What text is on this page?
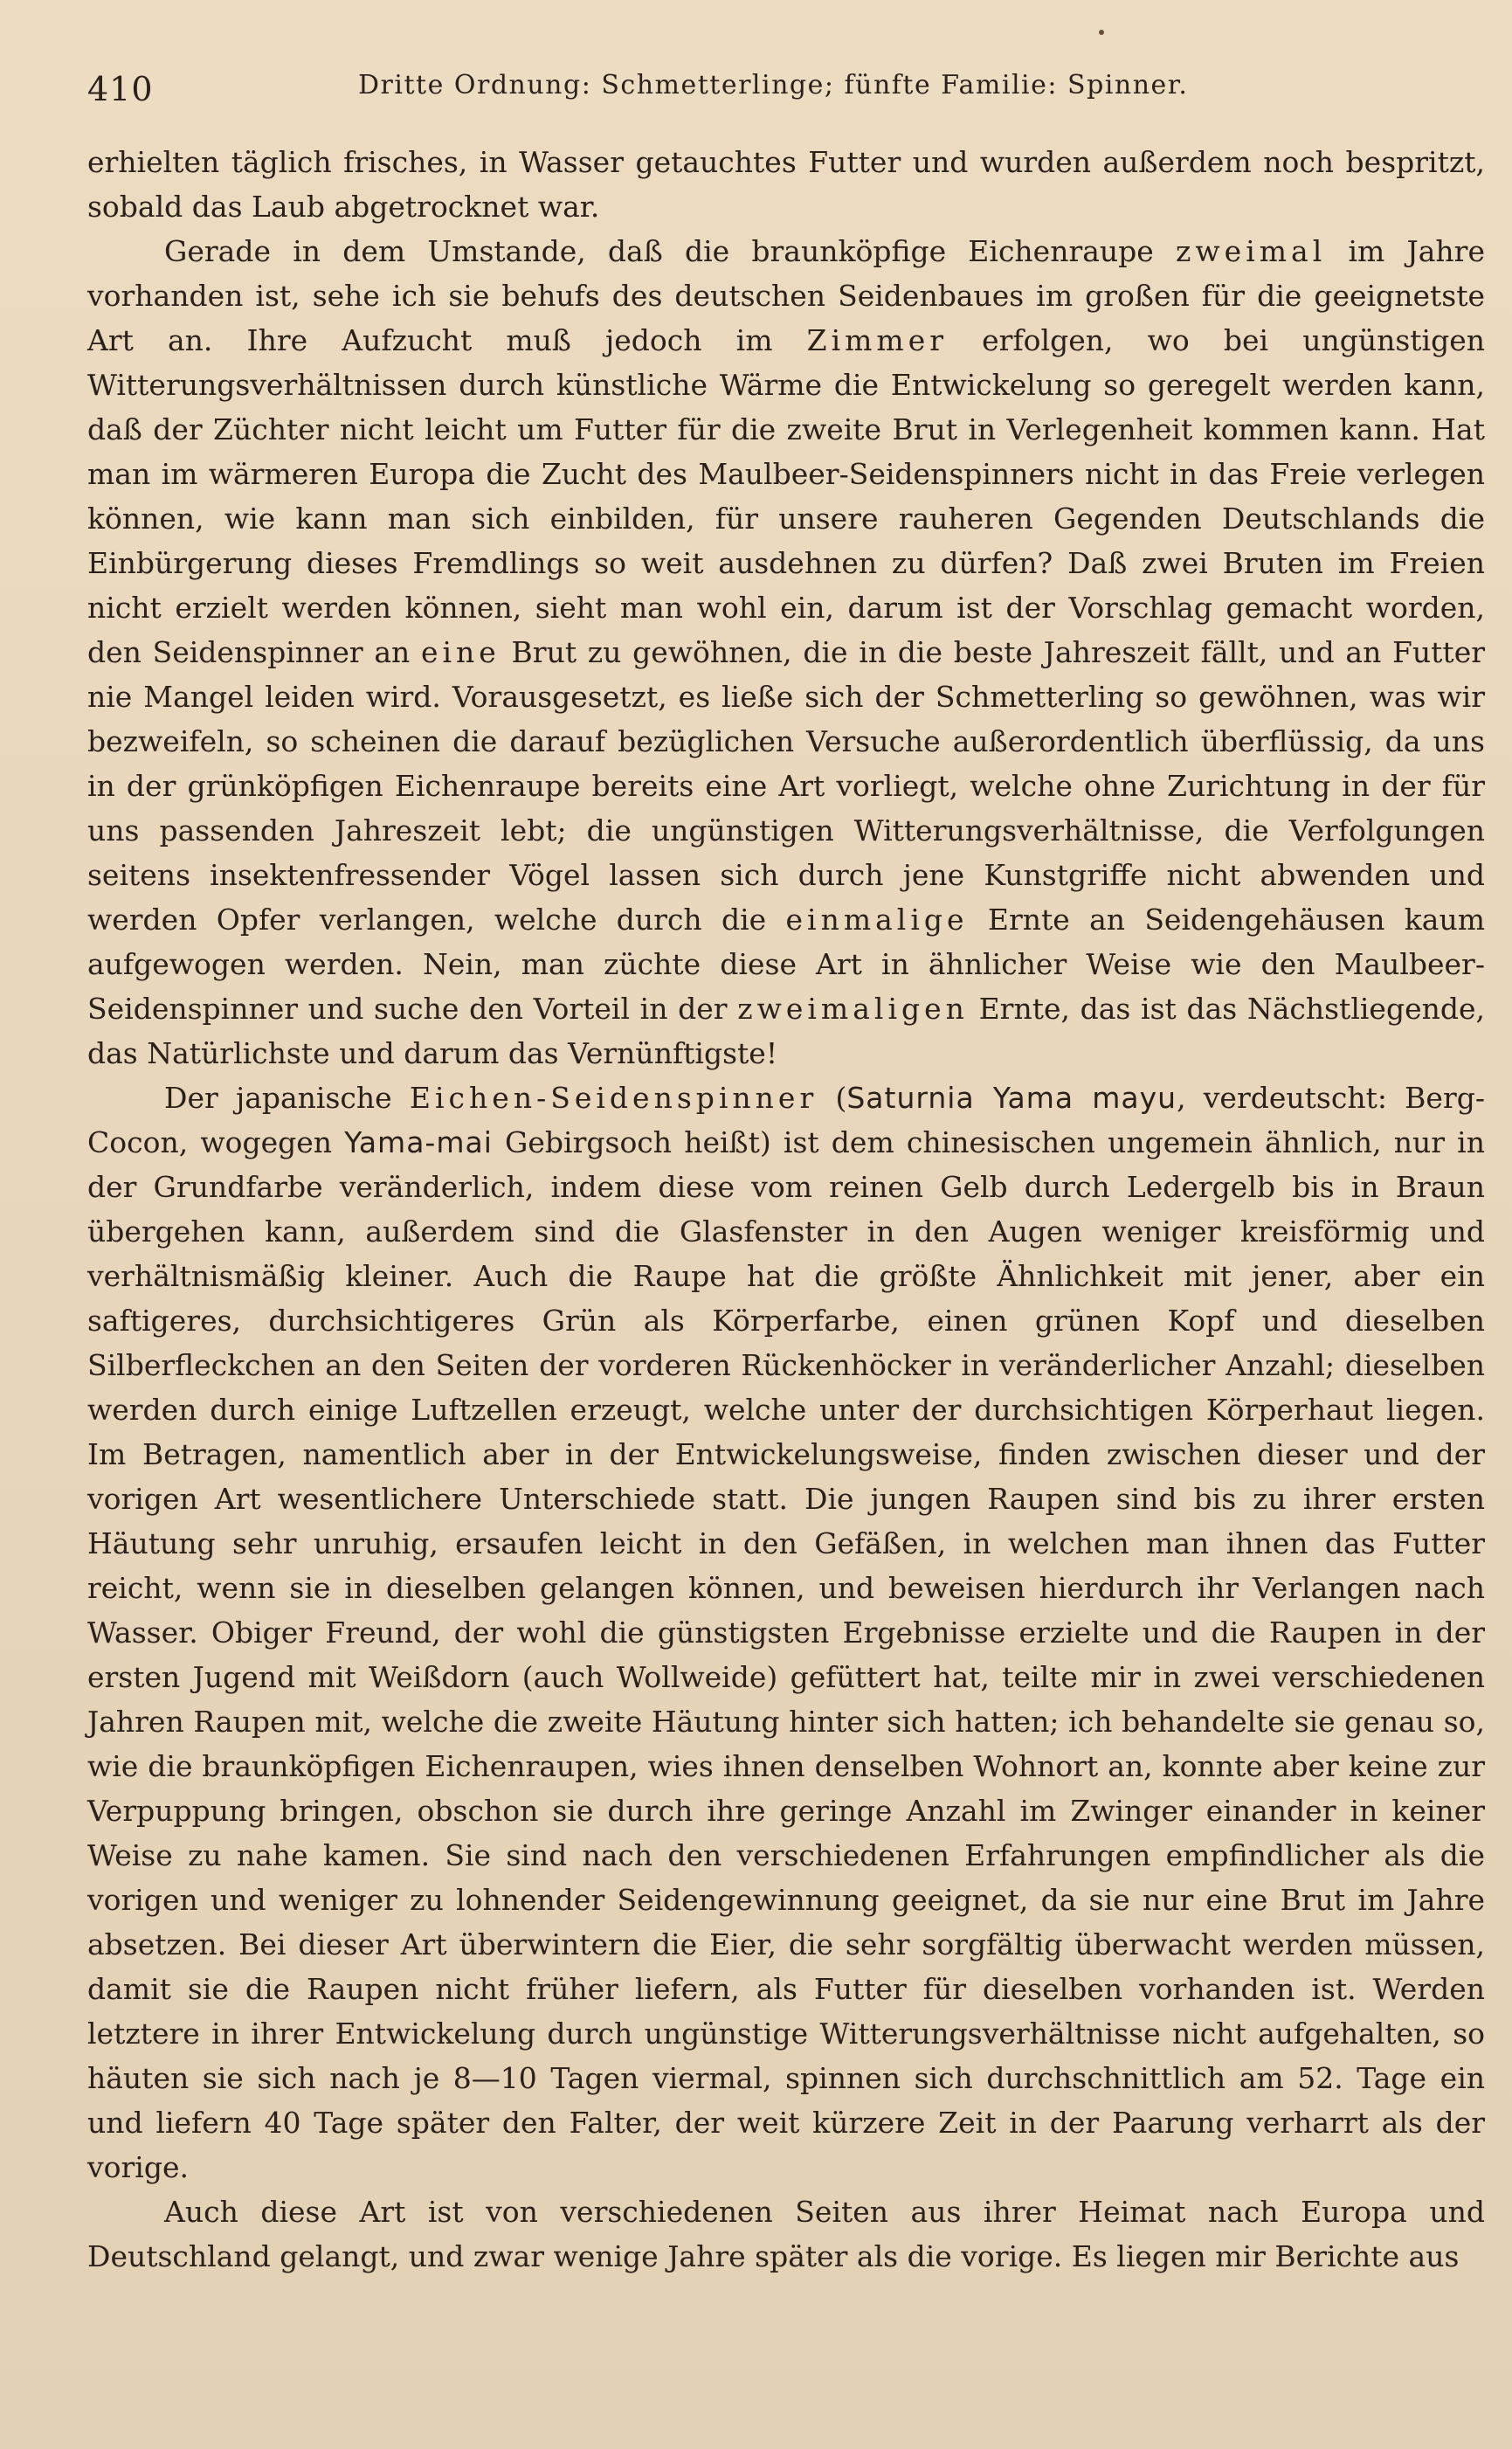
410	Dritte Ordnung: Schmetterlinge; fünfte Familie: Spinner.

erhielten täglich frisches, in Wasser getauchtes Futter und wurden außerdem noch bespritzt, sobald das Laub abgetrocknet war.

Gerade in dem Umstande, daß die braunköpfige Eichenraupe zweimal im Jahre vorhanden ist, sehe ich sie behufs des deutschen Seidenbaues im großen für die geeignetste Art an. Ihre Aufzucht muß jedoch im Zimmer erfolgen, wo bei ungünstigen Witterungsverhältnissen durch künstliche Wärme die Entwickelung so geregelt werden kann, daß der Züchter nicht leicht um Futter für die zweite Brut in Verlegenheit kommen kann. Hat man im wärmeren Europa die Zucht des Maulbeer-Seidenspinners nicht in das Freie verlegen können, wie kann man sich einbilden, für unsere rauheren Gegenden Deutschlands die Einbürgerung dieses Fremdlings so weit ausdehnen zu dürfen? Daß zwei Bruten im Freien nicht erzielt werden können, sieht man wohl ein, darum ist der Vorschlag gemacht worden, den Seidenspinner an eine Brut zu gewöhnen, die in die beste Jahreszeit fällt, und an Futter nie Mangel leiden wird. Vorausgesetzt, es ließe sich der Schmetterling so gewöhnen, was wir bezweifeln, so scheinen die darauf bezüglichen Versuche außerordentlich überflüssig, da uns in der grünköpfigen Eichenraupe bereits eine Art vorliegt, welche ohne Zurichtung in der für uns passenden Jahreszeit lebt; die ungünstigen Witterungsverhältnisse, die Verfolgungen seitens insektenfressender Vögel lassen sich durch jene Kunstgriffe nicht abwenden und werden Opfer verlangen, welche durch die einmalige Ernte an Seidengehäusen kaum aufgewogen werden. Nein, man züchte diese Art in ähnlicher Weise wie den Maulbeer-Seidenspinner und suche den Vorteil in der zweimaligen Ernte, das ist das Nächstliegende, das Natürlichste und darum das Vernünftigste!

Der japanische Eichen-Seidenspinner (Saturnia Yama mayu, verdeutscht: Berg-Cocon, wogegen Yama-mai Gebirgsoch heißt) ist dem chinesischen ungemein ähnlich, nur in der Grundfarbe veränderlich, indem diese vom reinen Gelb durch Ledergelb bis in Braun übergehen kann, außerdem sind die Glasfenster in den Augen weniger kreisförmig und verhältnismäßig kleiner. Auch die Raupe hat die größte Ähnlichkeit mit jener, aber ein saftigeres, durchsichtigeres Grün als Körperfarbe, einen grünen Kopf und dieselben Silberfleckchen an den Seiten der vorderen Rückenhöcker in veränderlicher Anzahl; dieselben werden durch einige Luftzellen erzeugt, welche unter der durchsichtigen Körperhaut liegen. Im Betragen, namentlich aber in der Entwickelungsweise, finden zwischen dieser und der vorigen Art wesentlichere Unterschiede statt. Die jungen Raupen sind bis zu ihrer ersten Häutung sehr unruhig, ersaufen leicht in den Gefäßen, in welchen man ihnen das Futter reicht, wenn sie in dieselben gelangen können, und beweisen hierdurch ihr Verlangen nach Wasser. Obiger Freund, der wohl die günstigsten Ergebnisse erzielte und die Raupen in der ersten Jugend mit Weißdorn (auch Wollweide) gefüttert hat, teilte mir in zwei verschiedenen Jahren Raupen mit, welche die zweite Häutung hinter sich hatten; ich behandelte sie genau so, wie die braunköpfigen Eichenraupen, wies ihnen denselben Wohnort an, konnte aber keine zur Verpuppung bringen, obschon sie durch ihre geringe Anzahl im Zwinger einander in keiner Weise zu nahe kamen. Sie sind nach den verschiedenen Erfahrungen empfindlicher als die vorigen und weniger zu lohnender Seidengewinnung geeignet, da sie nur eine Brut im Jahre absetzen. Bei dieser Art überwintern die Eier, die sehr sorgfältig überwacht werden müssen, damit sie die Raupen nicht früher liefern, als Futter für dieselben vorhanden ist. Werden letztere in ihrer Entwickelung durch ungünstige Witterungsverhältnisse nicht aufgehalten, so häuten sie sich nach je 8—10 Tagen viermal, spinnen sich durchschnittlich am 52. Tage ein und liefern 40 Tage später den Falter, der weit kürzere Zeit in der Paarung verharrt als der vorige.

Auch diese Art ist von verschiedenen Seiten aus ihrer Heimat nach Europa und Deutschland gelangt, und zwar wenige Jahre später als die vorige. Es liegen mir Berichte aus
